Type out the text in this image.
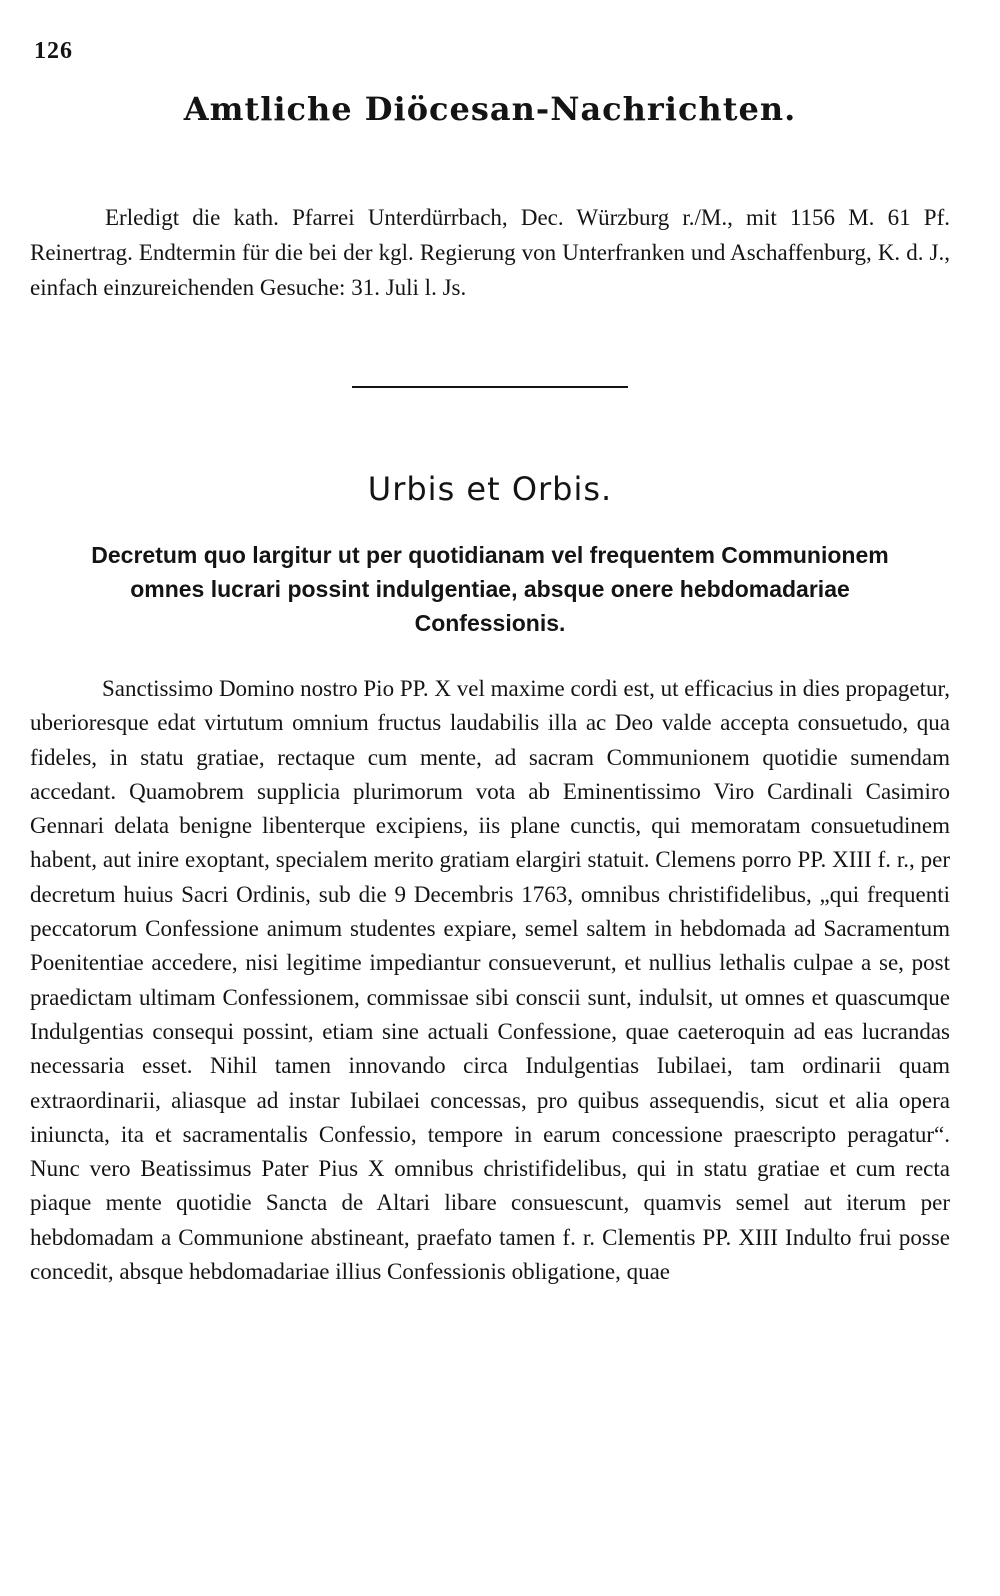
126
Amtliche Diöcesan-Nachrichten.

Erledigt die kath. Pfarrei Unterdürrbach, Dec. Würzburg r./M., mit 1156 M. 61 Pf. Reinertrag. Endtermin für die bei der kgl. Regierung von Unterfranken und Aschaffenburg, K. d. J., einfach einzureichenden Gesuche: 31. Juli l. Js.

Urbis et Orbis.
Decretum quo largitur ut per quotidianam vel frequentem Communionem omnes lucrari possint indulgentiae, absque onere hebdomadariae Confessionis.

Sanctissimo Domino nostro Pio PP. X vel maxime cordi est, ut efficacius in dies propagetur, uberioresque edat virtutum omnium fructus laudabilis illa ac Deo valde accepta consuetudo, qua fideles, in statu gratiae, rectaque cum mente, ad sacram Communionem quotidie sumendam accedant. Quamobrem supplicia plurimorum vota ab Eminentissimo Viro Cardinali Casimiro Gennari delata benigne libenterque excipiens, iis plane cunctis, qui memoratam consuetudinem habent, aut inire exoptant, specialem merito gratiam elargiri statuit. Clemens porro PP. XIII f. r., per decretum huius Sacri Ordinis, sub die 9 Decembris 1763, omnibus christifidelibus, „qui frequenti peccatorum Confessione animum studentes expiare, semel saltem in hebdomada ad Sacramentum Poenitentiae accedere, nisi legitime impediantur consueverunt, et nullius lethalis culpae a se, post praedictam ultimam Confessionem, commissae sibi conscii sunt, indulsit, ut omnes et quascumque Indulgentias consequi possint, etiam sine actuali Confessione, quae caeteroquin ad eas lucrandas necessaria esset. Nihil tamen innovando circa Indulgentias Iubilaei, tam ordinarii quam extraordinarii, aliasque ad instar Iubilaei concessas, pro quibus assequendis, sicut et alia opera iniuncta, ita et sacramentalis Confessio, tempore in earum concessione praescripto peragatur“. Nunc vero Beatissimus Pater Pius X omnibus christifidelibus, qui in statu gratiae et cum recta piaque mente quotidie Sancta de Altari libare consuescunt, quamvis semel aut iterum per hebdomadam a Communione abstineant, praefato tamen f. r. Clementis PP. XIII Indulto frui posse concedit, absque hebdomadariae illius Confessionis obligatione, quae
